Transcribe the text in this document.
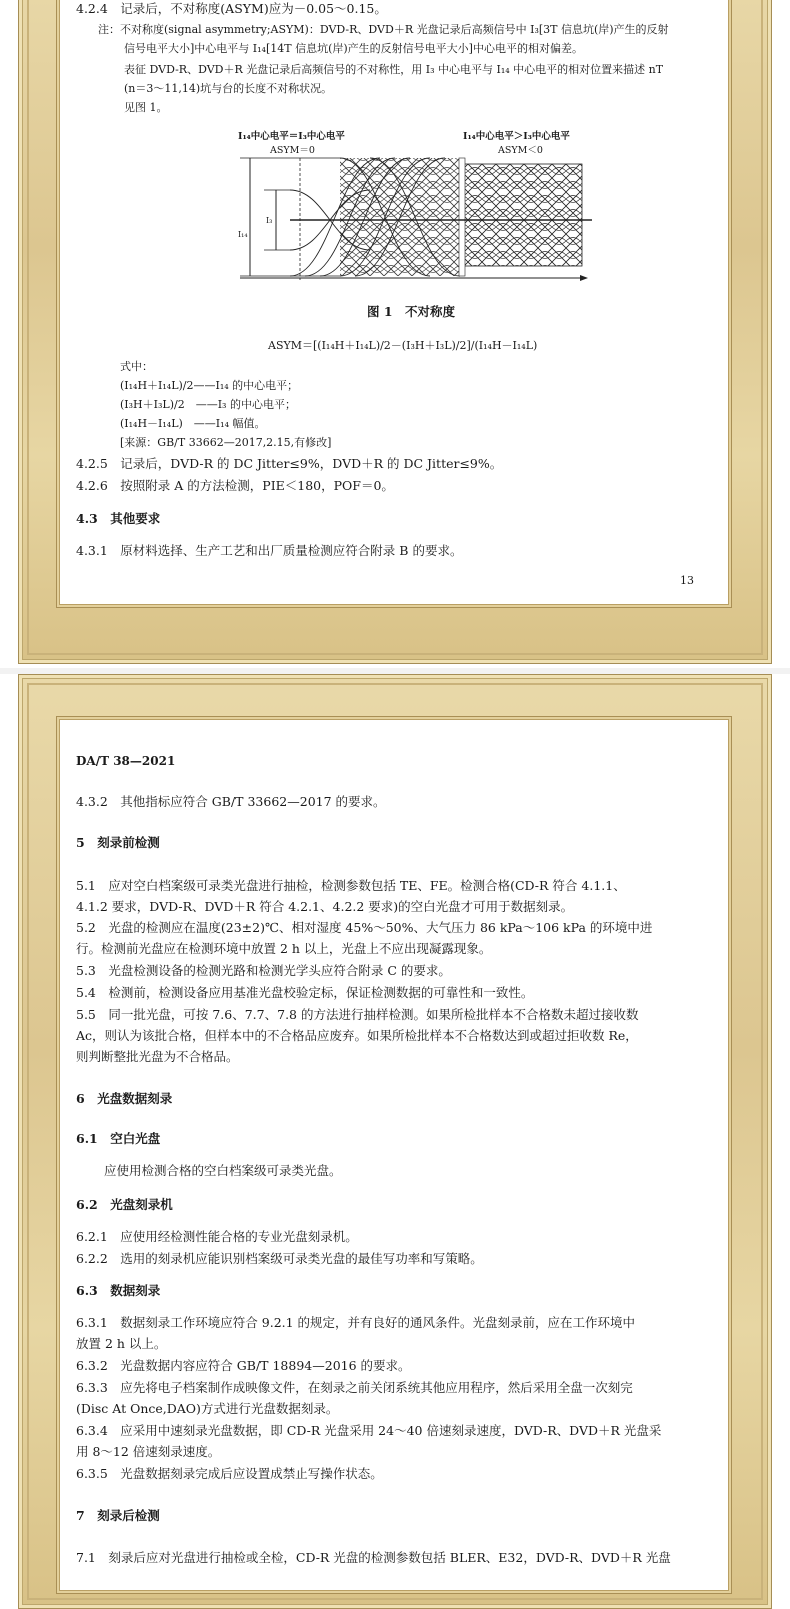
4.2.4　记录后，不对称度(ASYM)应为－0.05～0.15。
注：不对称度(signal asymmetry;ASYM)：DVD-R、DVD＋R 光盘记录后高频信号中 I₃[3T 信息坑(岸)产生的反射
信号电平大小]中心电平与 I₁₄[14T 信息坑(岸)产生的反射信号电平大小]中心电平的相对偏差。
表征 DVD-R、DVD＋R 光盘记录后高频信号的不对称性，用 I₃ 中心电平与 I₁₄ 中心电平的相对位置来描述 nT
(n＝3～11,14)坑与台的长度不对称状况。
见图 1。
I₁₄中心电平＝I₃中心电平
ASYM＝0
I₁₄中心电平＞I₃中心电平
ASYM＜0
I₃
I₁₄
图 1　不对称度
ASYM＝[(I₁₄H＋I₁₄L)/2－(I₃H＋I₃L)/2]/(I₁₄H－I₁₄L)
式中：
(I₁₄H＋I₁₄L)/2——I₁₄ 的中心电平；
(I₃H＋I₃L)/2　——I₃ 的中心电平；
(I₁₄H－I₁₄L)　——I₁₄ 幅值。
[来源：GB/T 33662—2017,2.15,有修改]
4.2.5　记录后，DVD-R 的 DC Jitter≤9%，DVD＋R 的 DC Jitter≤9%。
4.2.6　按照附录 A 的方法检测，PIE＜180，POF＝0。
4.3　其他要求
4.3.1　原材料选择、生产工艺和出厂质量检测应符合附录 B 的要求。
13
DA/T 38—2021
4.3.2　其他指标应符合 GB/T 33662—2017 的要求。
5　刻录前检测
5.1　应对空白档案级可录类光盘进行抽检，检测参数包括 TE、FE。检测合格(CD-R 符合 4.1.1、
4.1.2 要求，DVD-R、DVD＋R 符合 4.2.1、4.2.2 要求)的空白光盘才可用于数据刻录。
5.2　光盘的检测应在温度(23±2)℃、相对湿度 45%～50%、大气压力 86 kPa～106 kPa 的环境中进
行。检测前光盘应在检测环境中放置 2 h 以上，光盘上不应出现凝露现象。
5.3　光盘检测设备的检测光路和检测光学头应符合附录 C 的要求。
5.4　检测前，检测设备应用基准光盘校验定标，保证检测数据的可靠性和一致性。
5.5　同一批光盘，可按 7.6、7.7、7.8 的方法进行抽样检测。如果所检批样本不合格数未超过接收数
Ac，则认为该批合格，但样本中的不合格品应废弃。如果所检批样本不合格数达到或超过拒收数 Re，
则判断整批光盘为不合格品。
6　光盘数据刻录
6.1　空白光盘
应使用检测合格的空白档案级可录类光盘。
6.2　光盘刻录机
6.2.1　应使用经检测性能合格的专业光盘刻录机。
6.2.2　选用的刻录机应能识别档案级可录类光盘的最佳写功率和写策略。
6.3　数据刻录
6.3.1　数据刻录工作环境应符合 9.2.1 的规定，并有良好的通风条件。光盘刻录前，应在工作环境中
放置 2 h 以上。
6.3.2　光盘数据内容应符合 GB/T 18894—2016 的要求。
6.3.3　应先将电子档案制作成映像文件，在刻录之前关闭系统其他应用程序，然后采用全盘一次刻完
(Disc At Once,DAO)方式进行光盘数据刻录。
6.3.4　应采用中速刻录光盘数据，即 CD-R 光盘采用 24～40 倍速刻录速度，DVD-R、DVD＋R 光盘采
用 8～12 倍速刻录速度。
6.3.5　光盘数据刻录完成后应设置成禁止写操作状态。
7　刻录后检测
7.1　刻录后应对光盘进行抽检或全检，CD-R 光盘的检测参数包括 BLER、E32，DVD-R、DVD＋R 光盘
